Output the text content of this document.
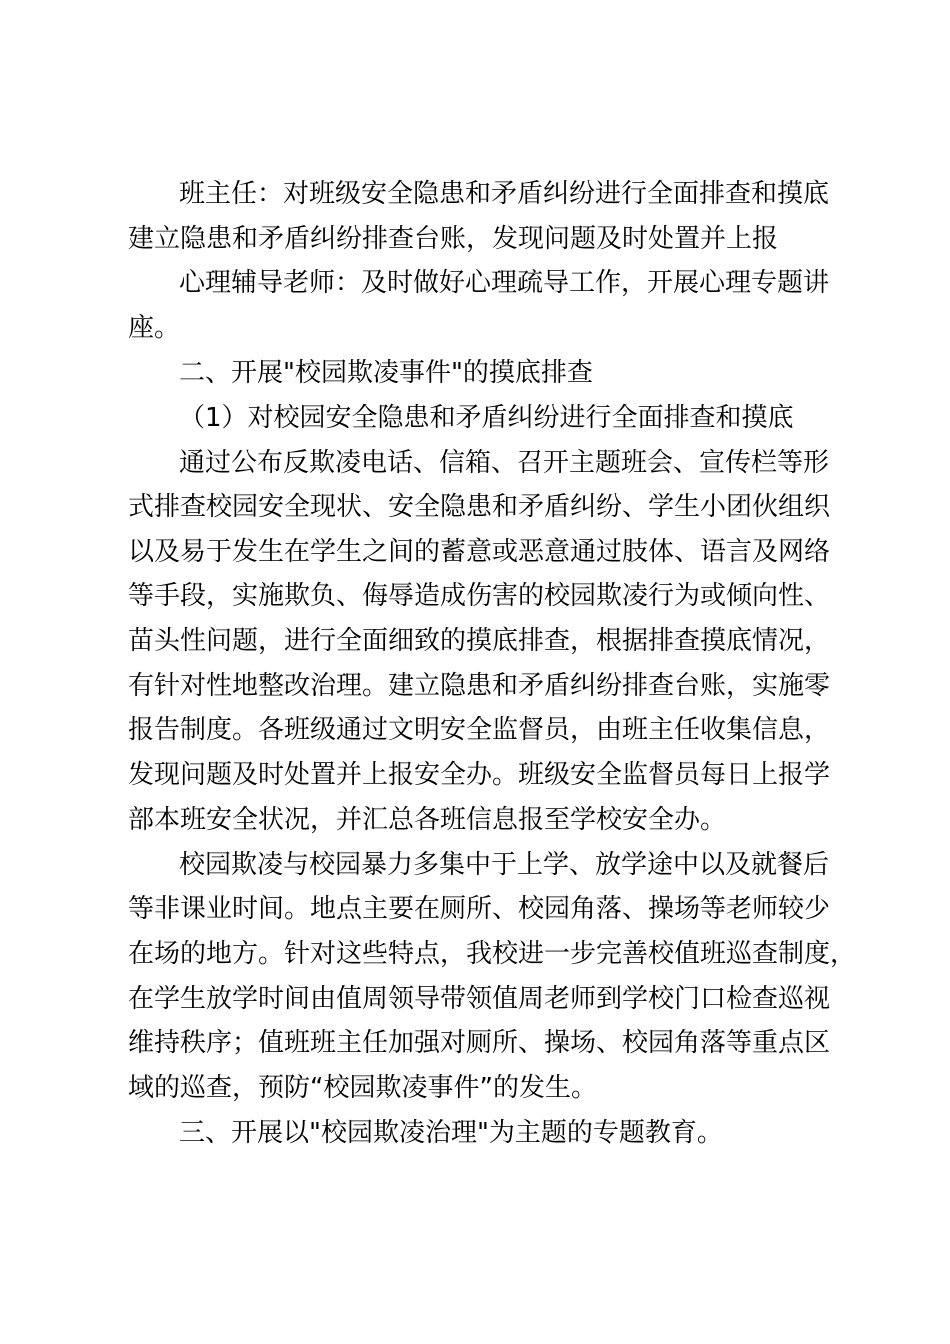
班主任：对班级安全隐患和矛盾纠纷进行全面排查和摸底
建立隐患和矛盾纠纷排查台账，发现问题及时处置并上报
心理辅导老师：及时做好心理疏导工作，开展心理专题讲
座。
二、开展"校园欺凌事件"的摸底排查
（1）对校园安全隐患和矛盾纠纷进行全面排查和摸底
通过公布反欺凌电话、信箱、召开主题班会、宣传栏等形
式排查校园安全现状、安全隐患和矛盾纠纷、学生小团伙组织
以及易于发生在学生之间的蓄意或恶意通过肢体、语言及网络
等手段，实施欺负、侮辱造成伤害的校园欺凌行为或倾向性、
苗头性问题，进行全面细致的摸底排查，根据排查摸底情况，
有针对性地整改治理。建立隐患和矛盾纠纷排查台账，实施零
报告制度。各班级通过文明安全监督员，由班主任收集信息，
发现问题及时处置并上报安全办。班级安全监督员每日上报学
部本班安全状况，并汇总各班信息报至学校安全办。
校园欺凌与校园暴力多集中于上学、放学途中以及就餐后
等非课业时间。地点主要在厕所、校园角落、操场等老师较少
在场的地方。针对这些特点，我校进一步完善校值班巡查制度，
在学生放学时间由值周领导带领值周老师到学校门口检查巡视
维持秩序；值班班主任加强对厕所、操场、校园角落等重点区
域的巡查，预防“校园欺凌事件”的发生。
三、开展以"校园欺凌治理"为主题的专题教育。
